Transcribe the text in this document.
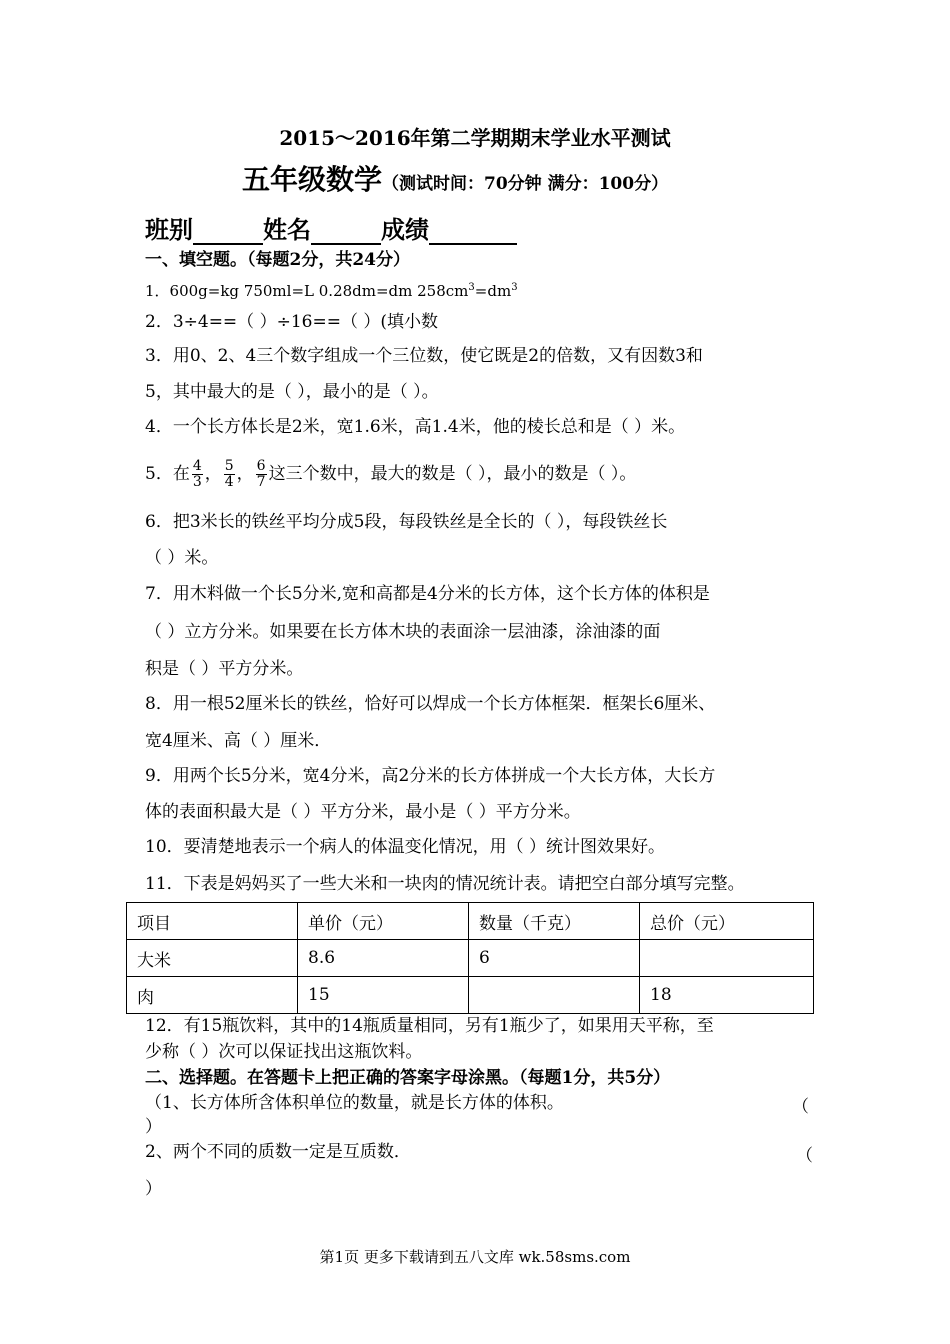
2015～2016年第二学期期末学业水平测试
五年级数学（测试时间：70分钟 满分：100分）
班别	姓名	成绩
一、填空题。（每题2分，共24分）
1．600g=kg 750ml=L 0.28dm=dm $258cm^3=dm^3$
2．3÷4==（ ）÷16==（ ）(填小数
3．用0、2、4三个数字组成一个三位数，使它既是2的倍数，又有因数3和
5，其中最大的是（ ），最小的是（ ）。
4．一个长方体长是2米，宽1.6米，高1.4米，他的棱长总和是（ ）米。
5．在 $\frac{4}{3}$ ， $\frac{5}{4}$ ， $\frac{6}{7}$ 这三个数中，最大的数是（ ），最小的数是（ ）。
6．把3米长的铁丝平均分成5段，每段铁丝是全长的（ ），每段铁丝长
（ ）米。
7．用木料做一个长5分米,宽和高都是4分米的长方体，这个长方体的体积是
（ ）立方分米。如果要在长方体木块的表面涂一层油漆，涂油漆的面
积是（ ）平方分米。
8．用一根52厘米长的铁丝，恰好可以焊成一个长方体框架．框架长6厘米、
宽4厘米、高（ ）厘米．
9．用两个长5分米，宽4分米，高2分米的长方体拼成一个大长方体，大长方
体的表面积最大是（ ）平方分米，最小是（ ）平方分米。
10．要清楚地表示一个病人的体温变化情况，用（ ）统计图效果好。
11．下表是妈妈买了一些大米和一块肉的情况统计表。请把空白部分填写完整。
项目	单价（元）	数量（千克）	总价（元）
大米	8.6	6	
肉	15		18
12．有15瓶饮料，其中的14瓶质量相同，另有1瓶少了，如果用天平称，至
少称（ ）次可以保证找出这瓶饮料。
二、选择题。在答题卡上把正确的答案字母涂黑。（每题1分，共5分）
（1、长方体所含体积单位的数量，就是长方体的体积。	（
）
2、两个不同的质数一定是互质数．	（
）
第1页 更多下载请到五八文库 wk.58sms.com
